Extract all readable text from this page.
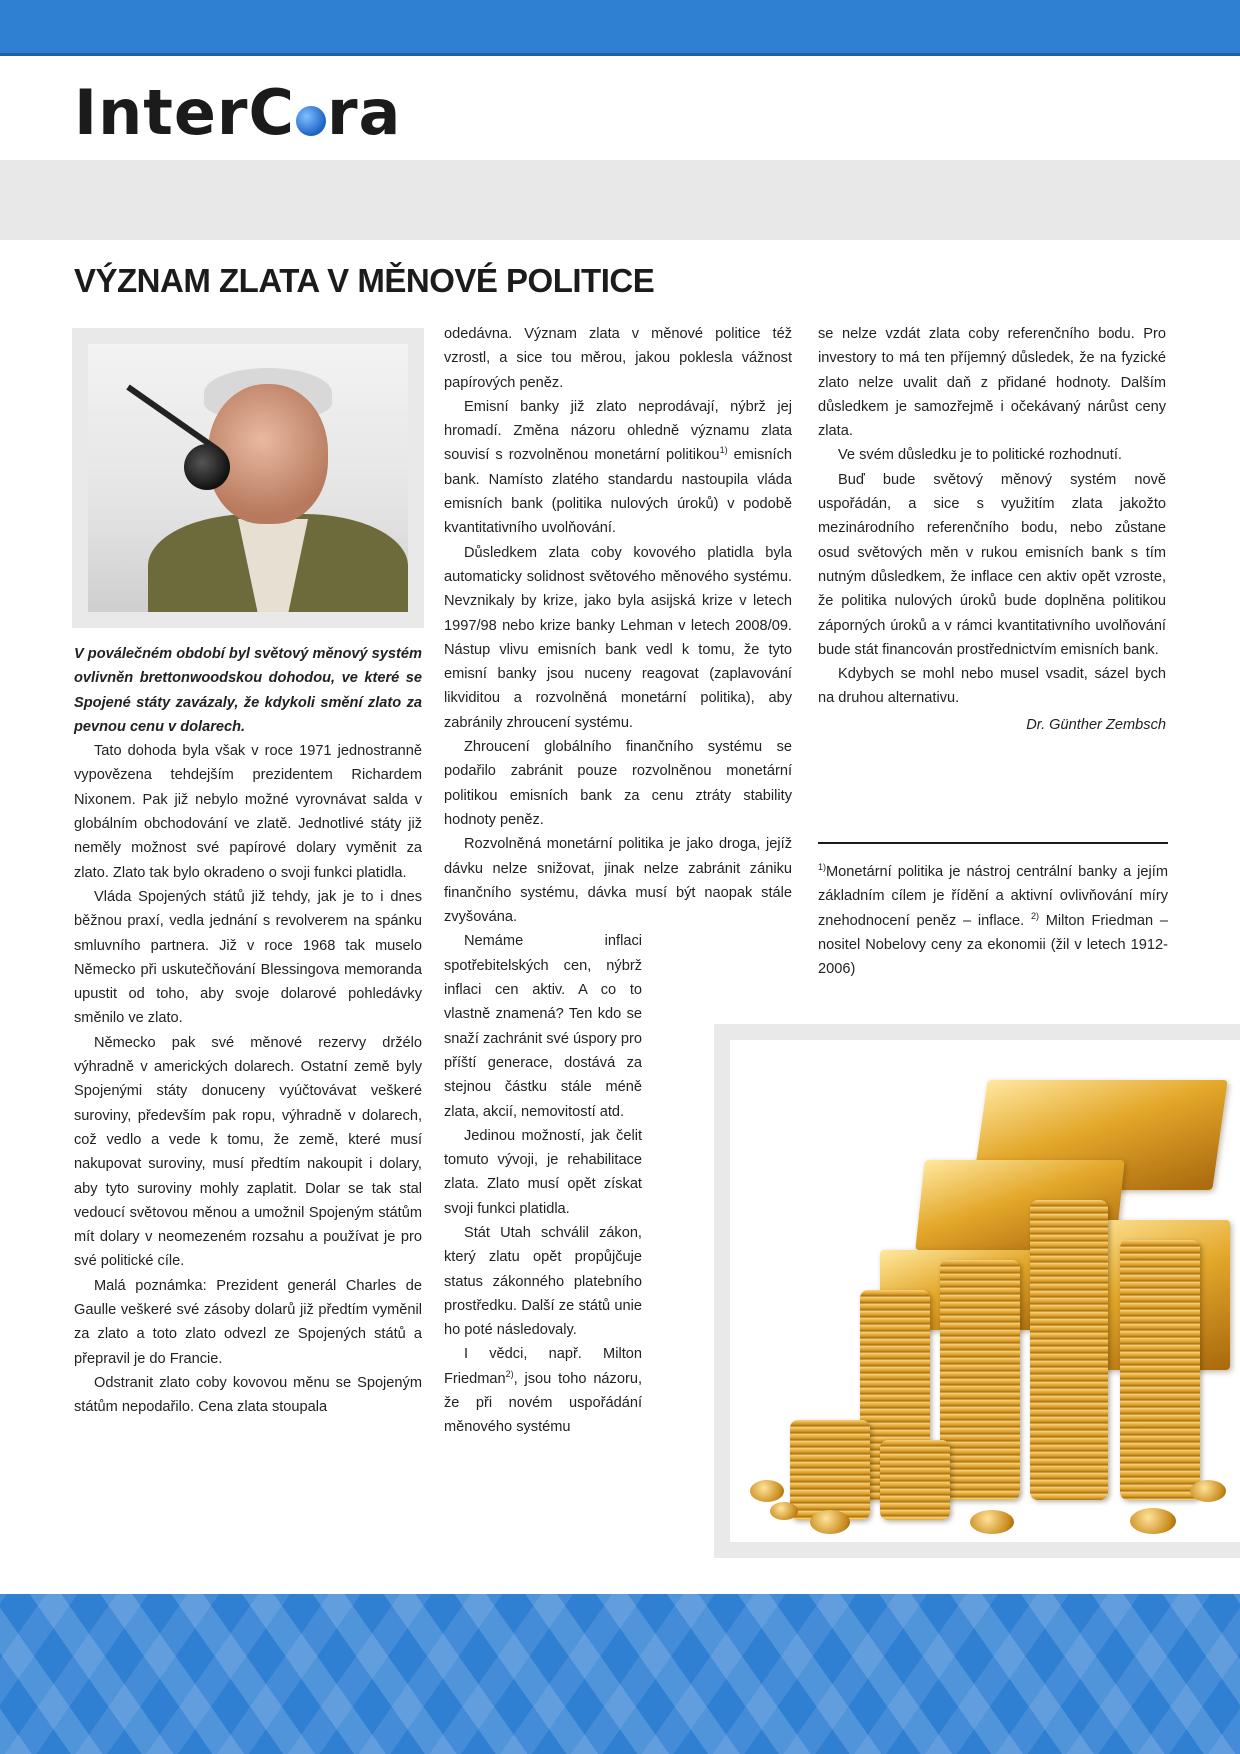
InterC ra
VÝZNAM ZLATA V MĚNOVÉ POLITICE

V poválečném období byl světový měnový systém ovlivněn brettonwoodskou dohodou, ve které se Spojené státy zavázaly, že kdykoli smění zlato za pevnou cenu v dolarech.

Tato dohoda byla však v roce 1971 jednostranně vypovězena tehdejším prezidentem Richardem Nixonem. Pak již nebylo možné vyrovnávat salda v globálním obchodování ve zlatě. Jednotlivé státy již neměly možnost své papírové dolary vyměnit za zlato. Zlato tak bylo okradeno o svoji funkci platidla.

Vláda Spojených států již tehdy, jak je to i dnes běžnou praxí, vedla jednání s revolverem na spánku smluvního partnera. Již v roce 1968 tak muselo Německo při uskutečňování Blessingova memoranda upustit od toho, aby svoje dolarové pohledávky směnilo ve zlato.

Německo pak své měnové rezervy držélo výhradně v amerických dolarech. Ostatní země byly Spojenými státy donuceny vyúčtovávat veškeré suroviny, především pak ropu, výhradně v dolarech, což vedlo a vede k tomu, že země, které musí nakupovat suroviny, musí předtím nakoupit i dolary, aby tyto suroviny mohly zaplatit. Dolar se tak stal vedoucí světovou měnou a umožnil Spojeným státům mít dolary v neomezeném rozsahu a používat je pro své politické cíle.

Malá poznámka: Prezident generál Charles de Gaulle veškeré své zásoby dolarů již předtím vyměnil za zlato a toto zlato odvezl ze Spojených států a přepravil je do Francie.

Odstranit zlato coby kovovou měnu se Spojeným státům nepodařilo. Cena zlata stoupala

odedávna. Význam zlata v měnové politice též vzrostl, a sice tou měrou, jakou poklesla vážnost papírových peněz.

Emisní banky již zlato neprodávají, nýbrž jej hromadí. Změna názoru ohledně významu zlata souvisí s rozvolněnou monetární politikou$^{1)}$ emisních bank. Namísto zlatého standardu nastoupila vláda emisních bank (politika nulových úroků) v podobě kvantitativního uvolňování.

Důsledkem zlata coby kovového platidla byla automaticky solidnost světového měnového systému. Nevznikaly by krize, jako byla asijská krize v letech 1997/98 nebo krize banky Lehman v letech 2008/09. Nástup vlivu emisních bank vedl k tomu, že tyto emisní banky jsou nuceny reagovat (zaplavování likviditou a rozvolněná monetární politika), aby zabránily zhroucení systému.

Zhroucení globálního finančního systému se podařilo zabránit pouze rozvolněnou monetární politikou emisních bank za cenu ztráty stability hodnoty peněz.

Rozvolněná monetární politika je jako droga, jejíž dávku nelze snižovat, jinak nelze zabránit zániku finančního systému, dávka musí být naopak stále zvyšována.

Nemáme inflaci spotřebitelských cen, nýbrž inflaci cen aktiv. A co to vlastně znamená? Ten kdo se snaží zachránit své úspory pro příští generace, dostává za stejnou částku stále méně zlata, akcií, nemovitostí atd.

Jedinou možností, jak čelit tomuto vývoji, je rehabilitace zlata. Zlato musí opět získat svoji funkci platidla.

Stát Utah schválil zákon, který zlatu opět propůjčuje status zákonného platebního prostředku. Další ze států unie ho poté následovaly.

I vědci, např. Milton Friedman$^{2)}$, jsou toho názoru, že při novém uspořádání měnového systému

se nelze vzdát zlata coby referenčního bodu. Pro investory to má ten příjemný důsledek, že na fyzické zlato nelze uvalit daň z přidané hodnoty. Dalším důsledkem je samozřejmě i očekávaný nárůst ceny zlata.

Ve svém důsledku je to politické rozhodnutí.

Buď bude světový měnový systém nově uspořádán, a sice s využitím zlata jakožto mezinárodního referenčního bodu, nebo zůstane osud světových měn v rukou emisních bank s tím nutným důsledkem, že inflace cen aktiv opět vzroste, že politika nulových úroků bude doplněna politikou záporných úroků a v rámci kvantitativního uvolňování bude stát financován prostřednictvím emisních bank.

Kdybych se mohl nebo musel vsadit, sázel bych na druhou alternativu.

Dr. Günther Zembsch

$^{1)}$Monetární politika je nástroj centrální banky a jejím základním cílem je řídění a aktivní ovlivňování míry znehodnocení peněz – inflace. $^{2)}$ Milton Friedman – nositel Nobelovy ceny za ekonomii (žil v letech 1912-2006)
